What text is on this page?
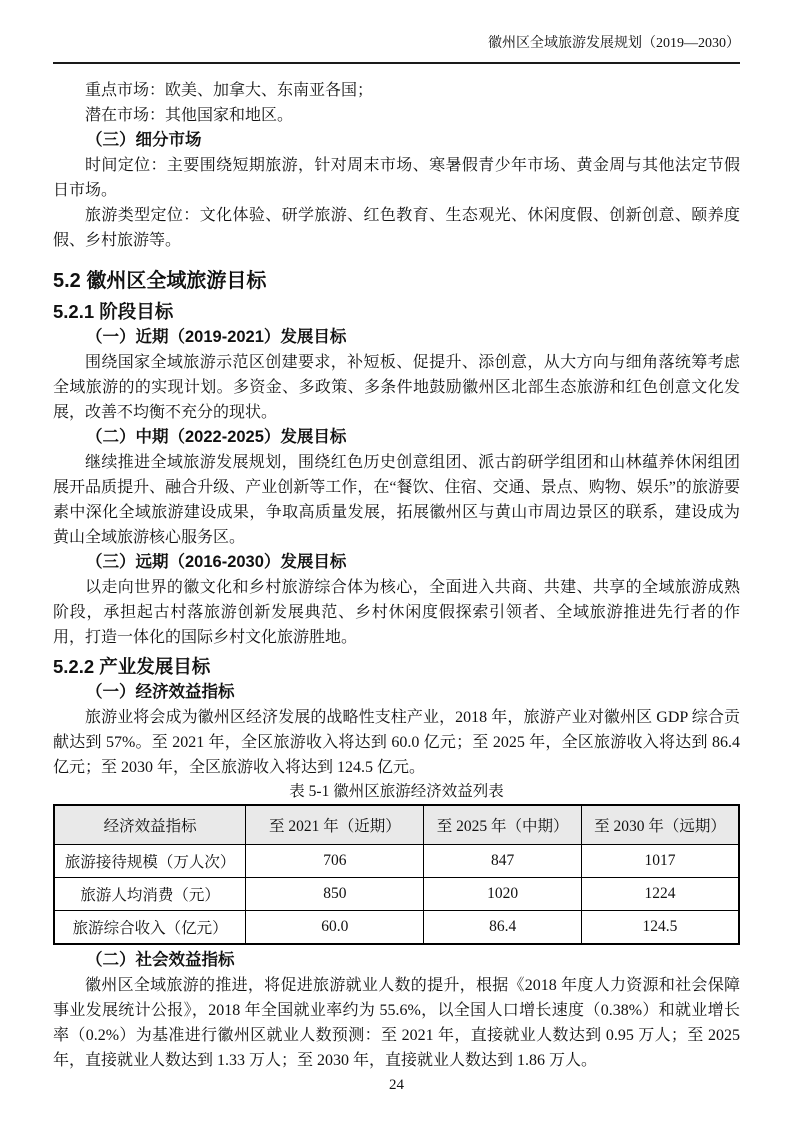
徽州区全域旅游发展规划（2019—2030）

重点市场：欧美、加拿大、东南亚各国；

潜在市场：其他国家和地区。

（三）细分市场

时间定位：主要围绕短期旅游，针对周末市场、寒暑假青少年市场、黄金周与其他法定节假日市场。

旅游类型定位：文化体验、研学旅游、红色教育、生态观光、休闲度假、创新创意、颐养度假、乡村旅游等。

5.2 徽州区全域旅游目标
5.2.1 阶段目标
（一）近期（2019-2021）发展目标

围绕国家全域旅游示范区创建要求，补短板、促提升、添创意，从大方向与细角落统筹考虑全域旅游的的实现计划。多资金、多政策、多条件地鼓励徽州区北部生态旅游和红色创意文化发展，改善不均衡不充分的现状。

（二）中期（2022-2025）发展目标

继续推进全域旅游发展规划，围绕红色历史创意组团、派古韵研学组团和山林蕴养休闲组团展开品质提升、融合升级、产业创新等工作，在“餐饮、住宿、交通、景点、购物、娱乐”的旅游要素中深化全域旅游建设成果，争取高质量发展，拓展徽州区与黄山市周边景区的联系，建设成为黄山全域旅游核心服务区。

（三）远期（2016-2030）发展目标

以走向世界的徽文化和乡村旅游综合体为核心，全面进入共商、共建、共享的全域旅游成熟阶段，承担起古村落旅游创新发展典范、乡村休闲度假探索引领者、全域旅游推进先行者的作用，打造一体化的国际乡村文化旅游胜地。

5.2.2 产业发展目标
（一）经济效益指标

旅游业将会成为徽州区经济发展的战略性支柱产业，2018 年，旅游产业对徽州区 GDP 综合贡献达到 57%。至 2021 年，全区旅游收入将达到 60.0 亿元；至 2025 年，全区旅游收入将达到 86.4 亿元；至 2030 年，全区旅游收入将达到 124.5 亿元。

表 5-1 徽州区旅游经济效益列表
经济效益指标	至 2021 年（近期）	至 2025 年（中期）	至 2030 年（远期）
旅游接待规模（万人次）	706	847	1017
旅游人均消费（元）	850	1020	1224
旅游综合收入（亿元）	60.0	86.4	124.5
（二）社会效益指标

徽州区全域旅游的推进，将促进旅游就业人数的提升，根据《2018 年度人力资源和社会保障事业发展统计公报》，2018 年全国就业率约为 55.6%，以全国人口增长速度（0.38%）和就业增长率（0.2%）为基准进行徽州区就业人数预测：至 2021 年，直接就业人数达到 0.95 万人；至 2025 年，直接就业人数达到 1.33 万人；至 2030 年，直接就业人数达到 1.86 万人。

24
